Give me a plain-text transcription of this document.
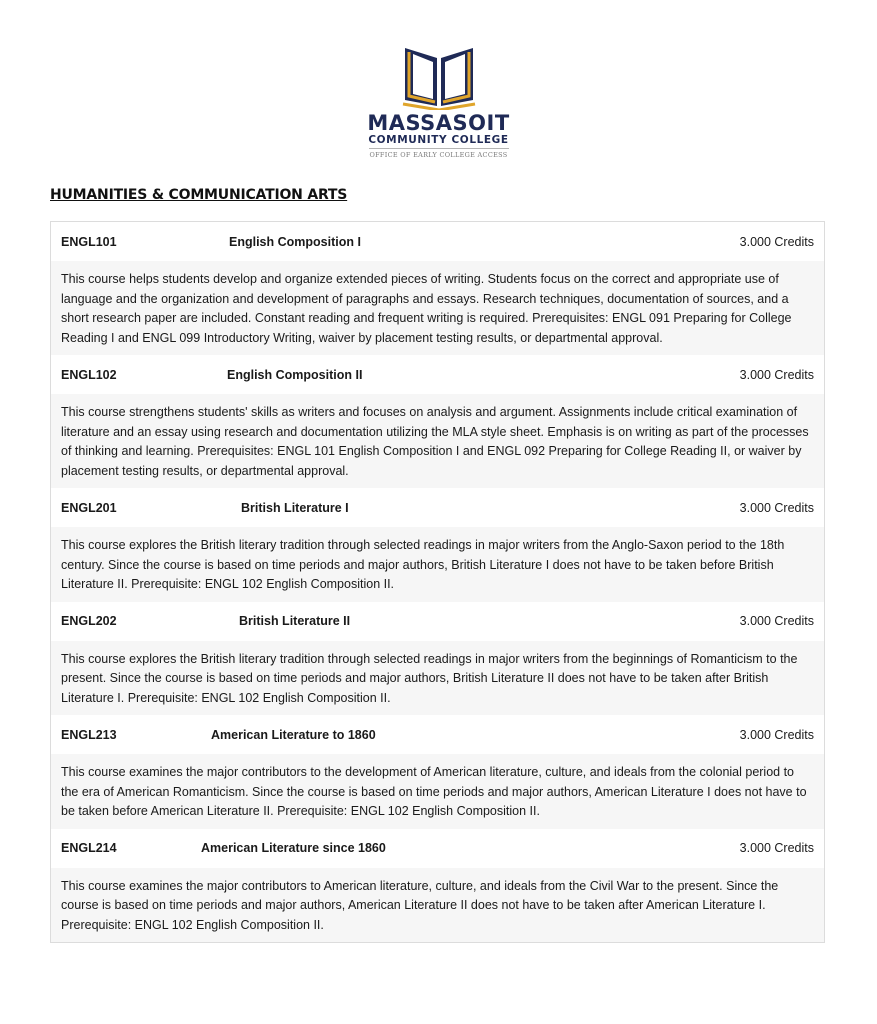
MASSASOIT
COMMUNITY COLLEGE
OFFICE OF EARLY COLLEGE ACCESS
HUMANITIES & COMMUNICATION ARTS
ENGL101	English Composition I	3.000 Credits
This course helps students develop and organize extended pieces of writing. Students focus on the correct and appropriate use of language and the organization and development of paragraphs and essays. Research techniques, documentation of sources, and a short research paper are included. Constant reading and frequent writing is required. Prerequisites: ENGL 091 Preparing for College Reading I and ENGL 099 Introductory Writing, waiver by placement testing results, or departmental approval.
ENGL102	English Composition II	3.000 Credits
This course strengthens students' skills as writers and focuses on analysis and argument. Assignments include critical examination of literature and an essay using research and documentation utilizing the MLA style sheet. Emphasis is on writing as part of the processes of thinking and learning. Prerequisites: ENGL 101 English Composition I and ENGL 092 Preparing for College Reading II, or waiver by placement testing results, or departmental approval.
ENGL201	British Literature I	3.000 Credits
This course explores the British literary tradition through selected readings in major writers from the Anglo-Saxon period to the 18th century. Since the course is based on time periods and major authors, British Literature I does not have to be taken before British Literature II. Prerequisite: ENGL 102 English Composition II.
ENGL202	British Literature II	3.000 Credits
This course explores the British literary tradition through selected readings in major writers from the beginnings of Romanticism to the present. Since the course is based on time periods and major authors, British Literature II does not have to be taken after British Literature I. Prerequisite: ENGL 102 English Composition II.
ENGL213	American Literature to 1860	3.000 Credits
This course examines the major contributors to the development of American literature, culture, and ideals from the colonial period to the era of American Romanticism. Since the course is based on time periods and major authors, American Literature I does not have to be taken before American Literature II. Prerequisite: ENGL 102 English Composition II.
ENGL214	American Literature since 1860	3.000 Credits
This course examines the major contributors to American literature, culture, and ideals from the Civil War to the present. Since the course is based on time periods and major authors, American Literature II does not have to be taken after American Literature I. Prerequisite: ENGL 102 English Composition II.
